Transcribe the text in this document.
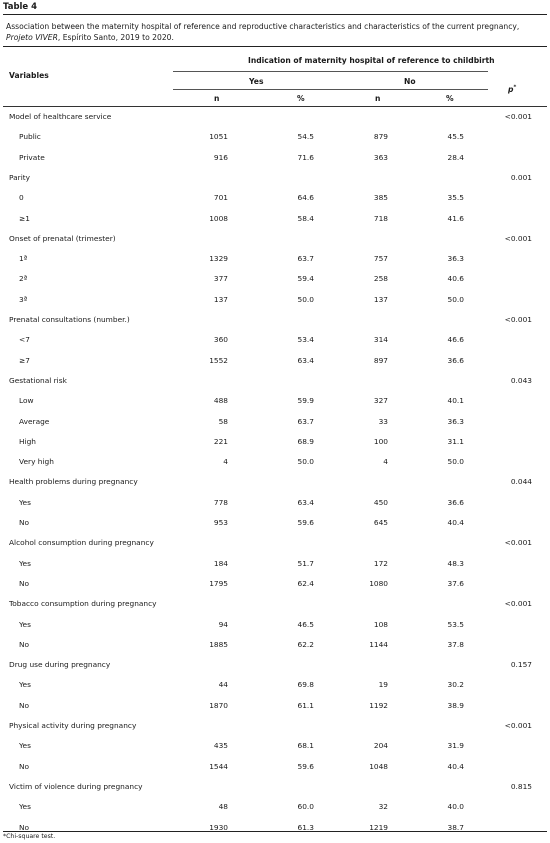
Table 4
Association between the maternity hospital of reference and reproductive characteristics and characteristics of the current pregnancy, Projeto VIVER, Espírito Santo, 2019 to 2020.
Variables
Indication of maternity hospital of reference to childbirth
Yes	No
p*
n	%	n	%
Model of healthcare service	<0.001
Public	1051	54.5	879	45.5
Private	916	71.6	363	28.4
Parity	0.001
0	701	64.6	385	35.5
≥1	1008	58.4	718	41.6
Onset of prenatal (trimester)	<0.001
1ª	1329	63.7	757	36.3
2ª	377	59.4	258	40.6
3ª	137	50.0	137	50.0
Prenatal consultations (number.)	<0.001
<7	360	53.4	314	46.6
≥7	1552	63.4	897	36.6
Gestational risk	0.043
Low	488	59.9	327	40.1
Average	58	63.7	33	36.3
High	221	68.9	100	31.1
Very high	4	50.0	4	50.0
Health problems during pregnancy	0.044
Yes	778	63.4	450	36.6
No	953	59.6	645	40.4
Alcohol consumption during pregnancy	<0.001
Yes	184	51.7	172	48.3
No	1795	62.4	1080	37.6
Tobacco consumption during pregnancy	<0.001
Yes	94	46.5	108	53.5
No	1885	62.2	1144	37.8
Drug use during pregnancy	0.157
Yes	44	69.8	19	30.2
No	1870	61.1	1192	38.9
Physical activity during pregnancy	<0.001
Yes	435	68.1	204	31.9
No	1544	59.6	1048	40.4
Victim of violence during pregnancy	0.815
Yes	48	60.0	32	40.0
No	1930	61.3	1219	38.7
*Chi-square test.
